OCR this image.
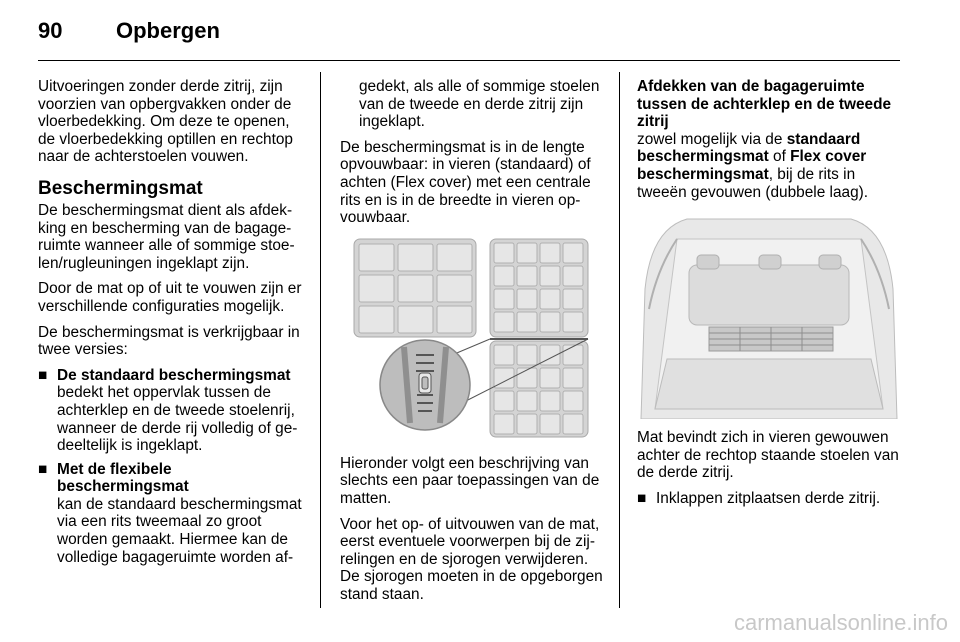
90 Opbergen

Uitvoeringen zonder derde zitrij, zijn voorzien van opbergvakken onder de vloerbedekking. Om deze te openen, de vloerbedekking optillen en rechtop naar de achterstoelen vouwen.

Beschermingsmat

De beschermingsmat dient als afdekking en bescherming van de bagageruimte wanneer alle of sommige stoelen/rugleuningen ingeklapt zijn.

Door de mat op of uit te vouwen zijn er verschillende configuraties mogelijk.

De beschermingsmat is verkrijgbaar in twee versies:

■ De standaard beschermingsmat
bedekt het oppervlak tussen de achterklep en de tweede stoelenrij, wanneer de derde rij volledig of gedeeltelijk is ingeklapt.
■ Met de flexibele beschermingsmat
kan de standaard beschermingsmat via een rits tweemaal zo groot worden gemaakt. Hiermee kan de volledige bagageruimte worden af-

gedekt, als alle of sommige stoelen van de tweede en derde zitrij zijn ingeklapt.

De beschermingsmat is in de lengte opvouwbaar: in vieren (standaard) of achten (Flex cover) met een centrale rits en is in de breedte in vieren opvouwbaar.

Hieronder volgt een beschrijving van slechts een paar toepassingen van de matten.

Voor het op- of uitvouwen van de mat, eerst eventuele voorwerpen bij de zijrelingen en de sjorogen verwijderen. De sjorogen moeten in de opgeborgen stand staan.

Afdekken van de bagageruimte tussen de achterklep en de tweede zitrij

zowel mogelijk via de standaard beschermingsmat of Flex cover beschermingsmat, bij de rits in tweeën gevouwen (dubbele laag).

Mat bevindt zich in vieren gewouwen achter de rechtop staande stoelen van de derde zitrij.

■ Inklappen zitplaatsen derde zitrij.
carmanualsonline.info
